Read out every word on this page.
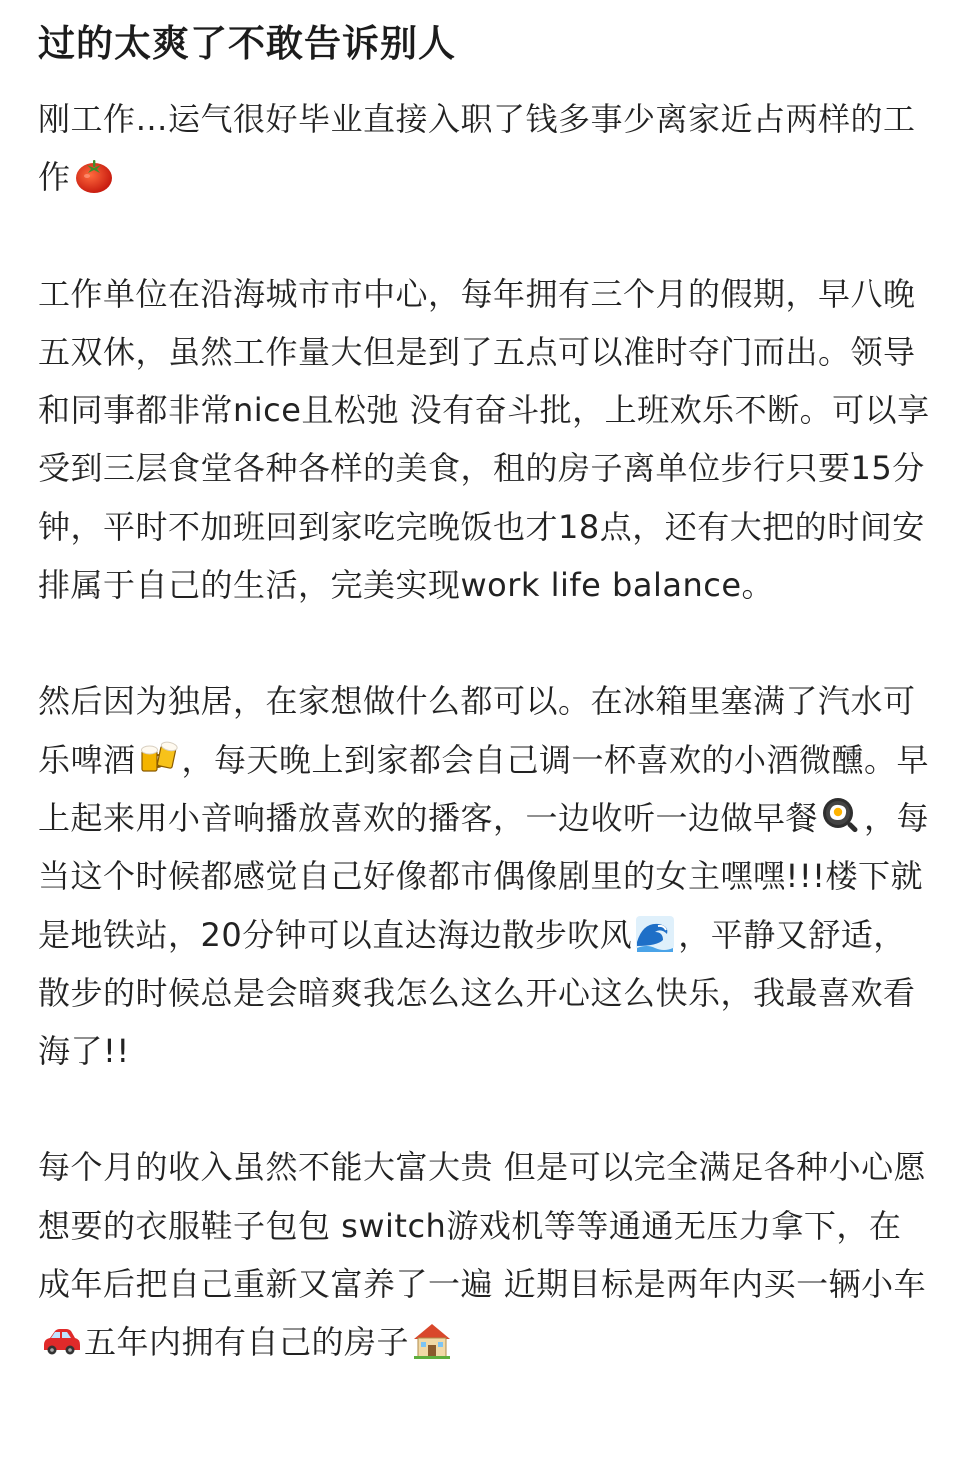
过的太爽了不敢告诉别人

刚工作…运气很好毕业直接入职了钱多事少离家近占两样的工作

工作单位在沿海城市市中心，每年拥有三个月的假期，早八晚五双休，虽然工作量大但是到了五点可以准时夺门而出。领导和同事都非常nice且松弛 没有奋斗批，上班欢乐不断。可以享受到三层食堂各种各样的美食，租的房子离单位步行只要15分钟，平时不加班回到家吃完晚饭也才18点，还有大把的时间安排属于自己的生活，完美实现work life balance。

然后因为独居，在家想做什么都可以。在冰箱里塞满了汽水可乐啤酒 ，每天晚上到家都会自己调一杯喜欢的小酒微醺。早上起来用小音响播放喜欢的播客，一边收听一边做早餐 ，每当这个时候都感觉自己好像都市偶像剧里的女主嘿嘿!!!楼下就是地铁站，20分钟可以直达海边散步吹风 ，平静又舒适，散步的时候总是会暗爽我怎么这么开心这么快乐，我最喜欢看海了!!

每个月的收入虽然不能大富大贵 但是可以完全满足各种小心愿 想要的衣服鞋子包包 switch游戏机等等通通无压力拿下，在成年后把自己重新又富养了一遍 近期目标是两年内买一辆小车
五年内拥有自己的房子
